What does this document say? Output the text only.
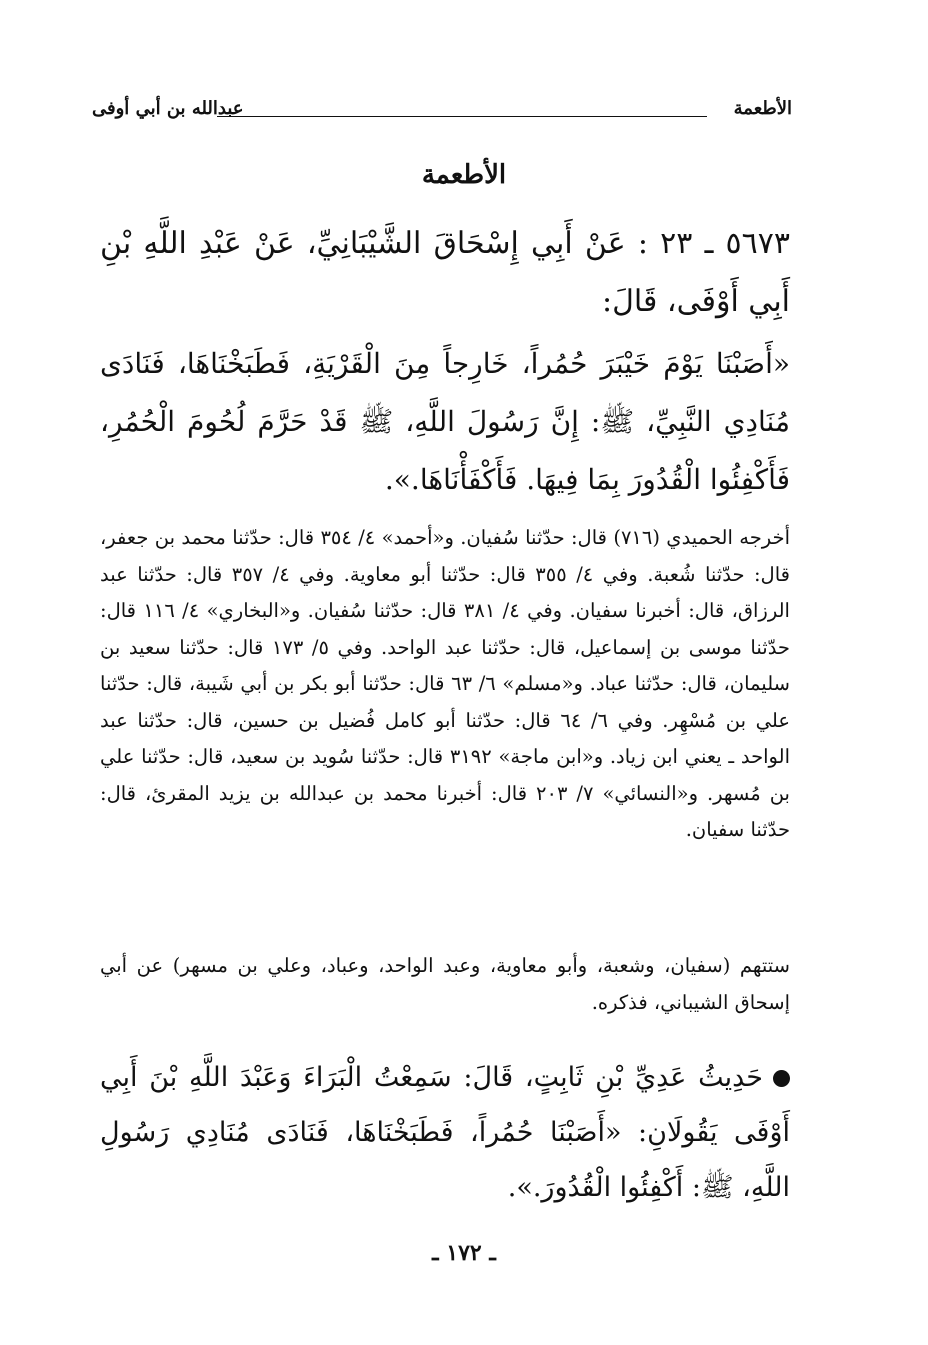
الأطعمة
عبدالله بن أبي أوفى
الأطعمة
٥٦٧٣ ـ ٢٣ : عَنْ أَبِي إِسْحَاقَ الشَّيْبَانِيِّ، عَنْ عَبْدِ اللَّهِ بْنِ أَبِي أَوْفَى، قَالَ:
«أَصَبْنَا يَوْمَ خَيْبَرَ حُمُراً، خَارِجاً مِنَ الْقَرْيَةِ، فَطَبَخْنَاهَا، فَنَادَى مُنَادِي النَّبِيِّ، ﷺ: إِنَّ رَسُولَ اللَّهِ، ﷺ قَدْ حَرَّمَ لُحُومَ الْحُمُرِ، فَأَكْفِئُوا الْقُدُورَ بِمَا فِيهَا. فَأَكْفَأْنَاهَا.».
أخرجه الحميدي (٧١٦) قال: حدّثنا سُفيان. و«أحمد» ٤/ ٣٥٤ قال: حدّثنا محمد بن جعفر، قال: حدّثنا شُعبة. وفي ٤/ ٣٥٥ قال: حدّثنا أبو معاوية. وفي ٤/ ٣٥٧ قال: حدّثنا عبد الرزاق، قال: أخبرنا سفيان. وفي ٤/ ٣٨١ قال: حدّثنا سُفيان. و«البخاري» ٤/ ١١٦ قال: حدّثنا موسى بن إسماعيل، قال: حدّثنا عبد الواحد. وفي ٥/ ١٧٣ قال: حدّثنا سعيد بن سليمان، قال: حدّثنا عباد. و«مسلم» ٦/ ٦٣ قال: حدّثنا أبو بكر بن أبي شَيبة، قال: حدّثنا علي بن مُسْهِر. وفي ٦/ ٦٤ قال: حدّثنا أبو كامل فُضيل بن حسين، قال: حدّثنا عبد الواحد ـ يعني ابن زياد. و«ابن ماجة» ٣١٩٢ قال: حدّثنا سُويد بن سعيد، قال: حدّثنا علي بن مُسهر. و«النسائي» ٧/ ٢٠٣ قال: أخبرنا محمد بن عبدالله بن يزيد المقرئ، قال: حدّثنا سفيان.
ستتهم (سفيان، وشعبة، وأبو معاوية، وعبد الواحد، وعباد، وعلي بن مسهر) عن أبي إسحاق الشيباني، فذكره.
حَدِيثُ عَدِيِّ بْنِ ثَابِتٍ، قَالَ: سَمِعْتُ الْبَرَاءَ وَعَبْدَ اللَّهِ بْنَ أَبِي أَوْفَى يَقُولَانِ: «أَصَبْنَا حُمُراً، فَطَبَخْنَاهَا، فَنَادَى مُنَادِي رَسُولِ اللَّهِ، ﷺ: أَكْفِئُوا الْقُدُورَ.».
ـ ١٧٢ ـ
